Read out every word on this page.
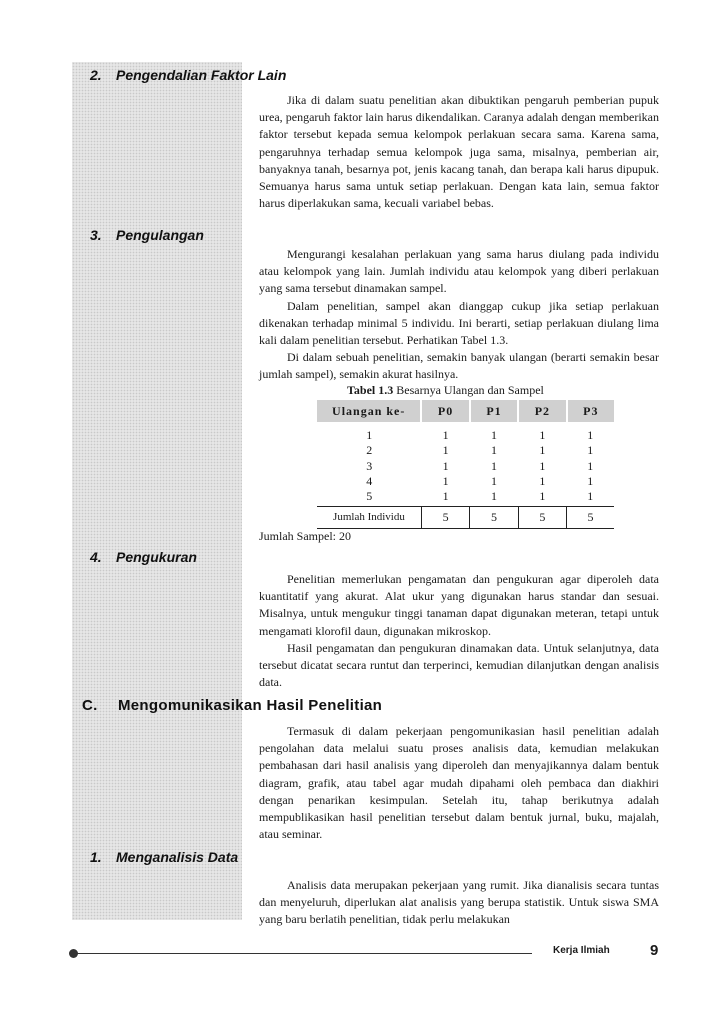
2. Pengendalian Faktor Lain

Jika di dalam suatu penelitian akan dibuktikan pengaruh pemberian pupuk urea, pengaruh faktor lain harus dikendalikan. Caranya adalah dengan memberikan faktor tersebut kepada semua kelompok perlakuan secara sama. Karena sama, pengaruhnya terhadap semua kelompok juga sama, misalnya, pemberian air, banyaknya tanah, besarnya pot, jenis kacang tanah, dan berapa kali harus dipupuk. Semuanya harus sama untuk setiap perlakuan. Dengan kata lain, semua faktor harus diperlakukan sama, kecuali variabel bebas.

3. Pengulangan

Mengurangi kesalahan perlakuan yang sama harus diulang pada individu atau kelompok yang lain. Jumlah individu atau kelompok yang diberi perlakuan yang sama tersebut dinamakan sampel.

Dalam penelitian, sampel akan dianggap cukup jika setiap perlakuan dikenakan terhadap minimal 5 individu. Ini berarti, setiap perlakuan diulang lima kali dalam penelitian tersebut. Perhatikan Tabel 1.3.

Di dalam sebuah penelitian, semakin banyak ulangan (berarti semakin besar jumlah sampel), semakin akurat hasilnya.

Tabel 1.3 Besarnya Ulangan dan Sampel
Ulangan ke-	P0	P1	P2	P3
1	1	1	1	1
2	1	1	1	1
3	1	1	1	1
4	1	1	1	1
5	1	1	1	1
Jumlah Individu	5	5	5	5
Jumlah Sampel: 20
4. Pengukuran

Penelitian memerlukan pengamatan dan pengukuran agar diperoleh data kuantitatif yang akurat. Alat ukur yang digunakan harus standar dan sesuai. Misalnya, untuk mengukur tinggi tanaman dapat digunakan meteran, tetapi untuk mengamati klorofil daun, digunakan mikroskop.

Hasil pengamatan dan pengukuran dinamakan data. Untuk selanjutnya, data tersebut dicatat secara runtut dan terperinci, kemudian dilanjutkan dengan analisis data.

C. Mengomunikasikan Hasil Penelitian

Termasuk di dalam pekerjaan pengomunikasian hasil penelitian adalah pengolahan data melalui suatu proses analisis data, kemudian melakukan pembahasan dari hasil analisis yang diperoleh dan menyajikannya dalam bentuk diagram, grafik, atau tabel agar mudah dipahami oleh pembaca dan diakhiri dengan penarikan kesimpulan. Setelah itu, tahap berikutnya adalah mempublikasikan hasil penelitian tersebut dalam bentuk jurnal, buku, majalah, atau seminar.

1. Menganalisis Data

Analisis data merupakan pekerjaan yang rumit. Jika dianalisis secara tuntas dan menyeluruh, diperlukan alat analisis yang berupa statistik. Untuk siswa SMA yang baru berlatih penelitian, tidak perlu melakukan

Kerja Ilmiah	9
